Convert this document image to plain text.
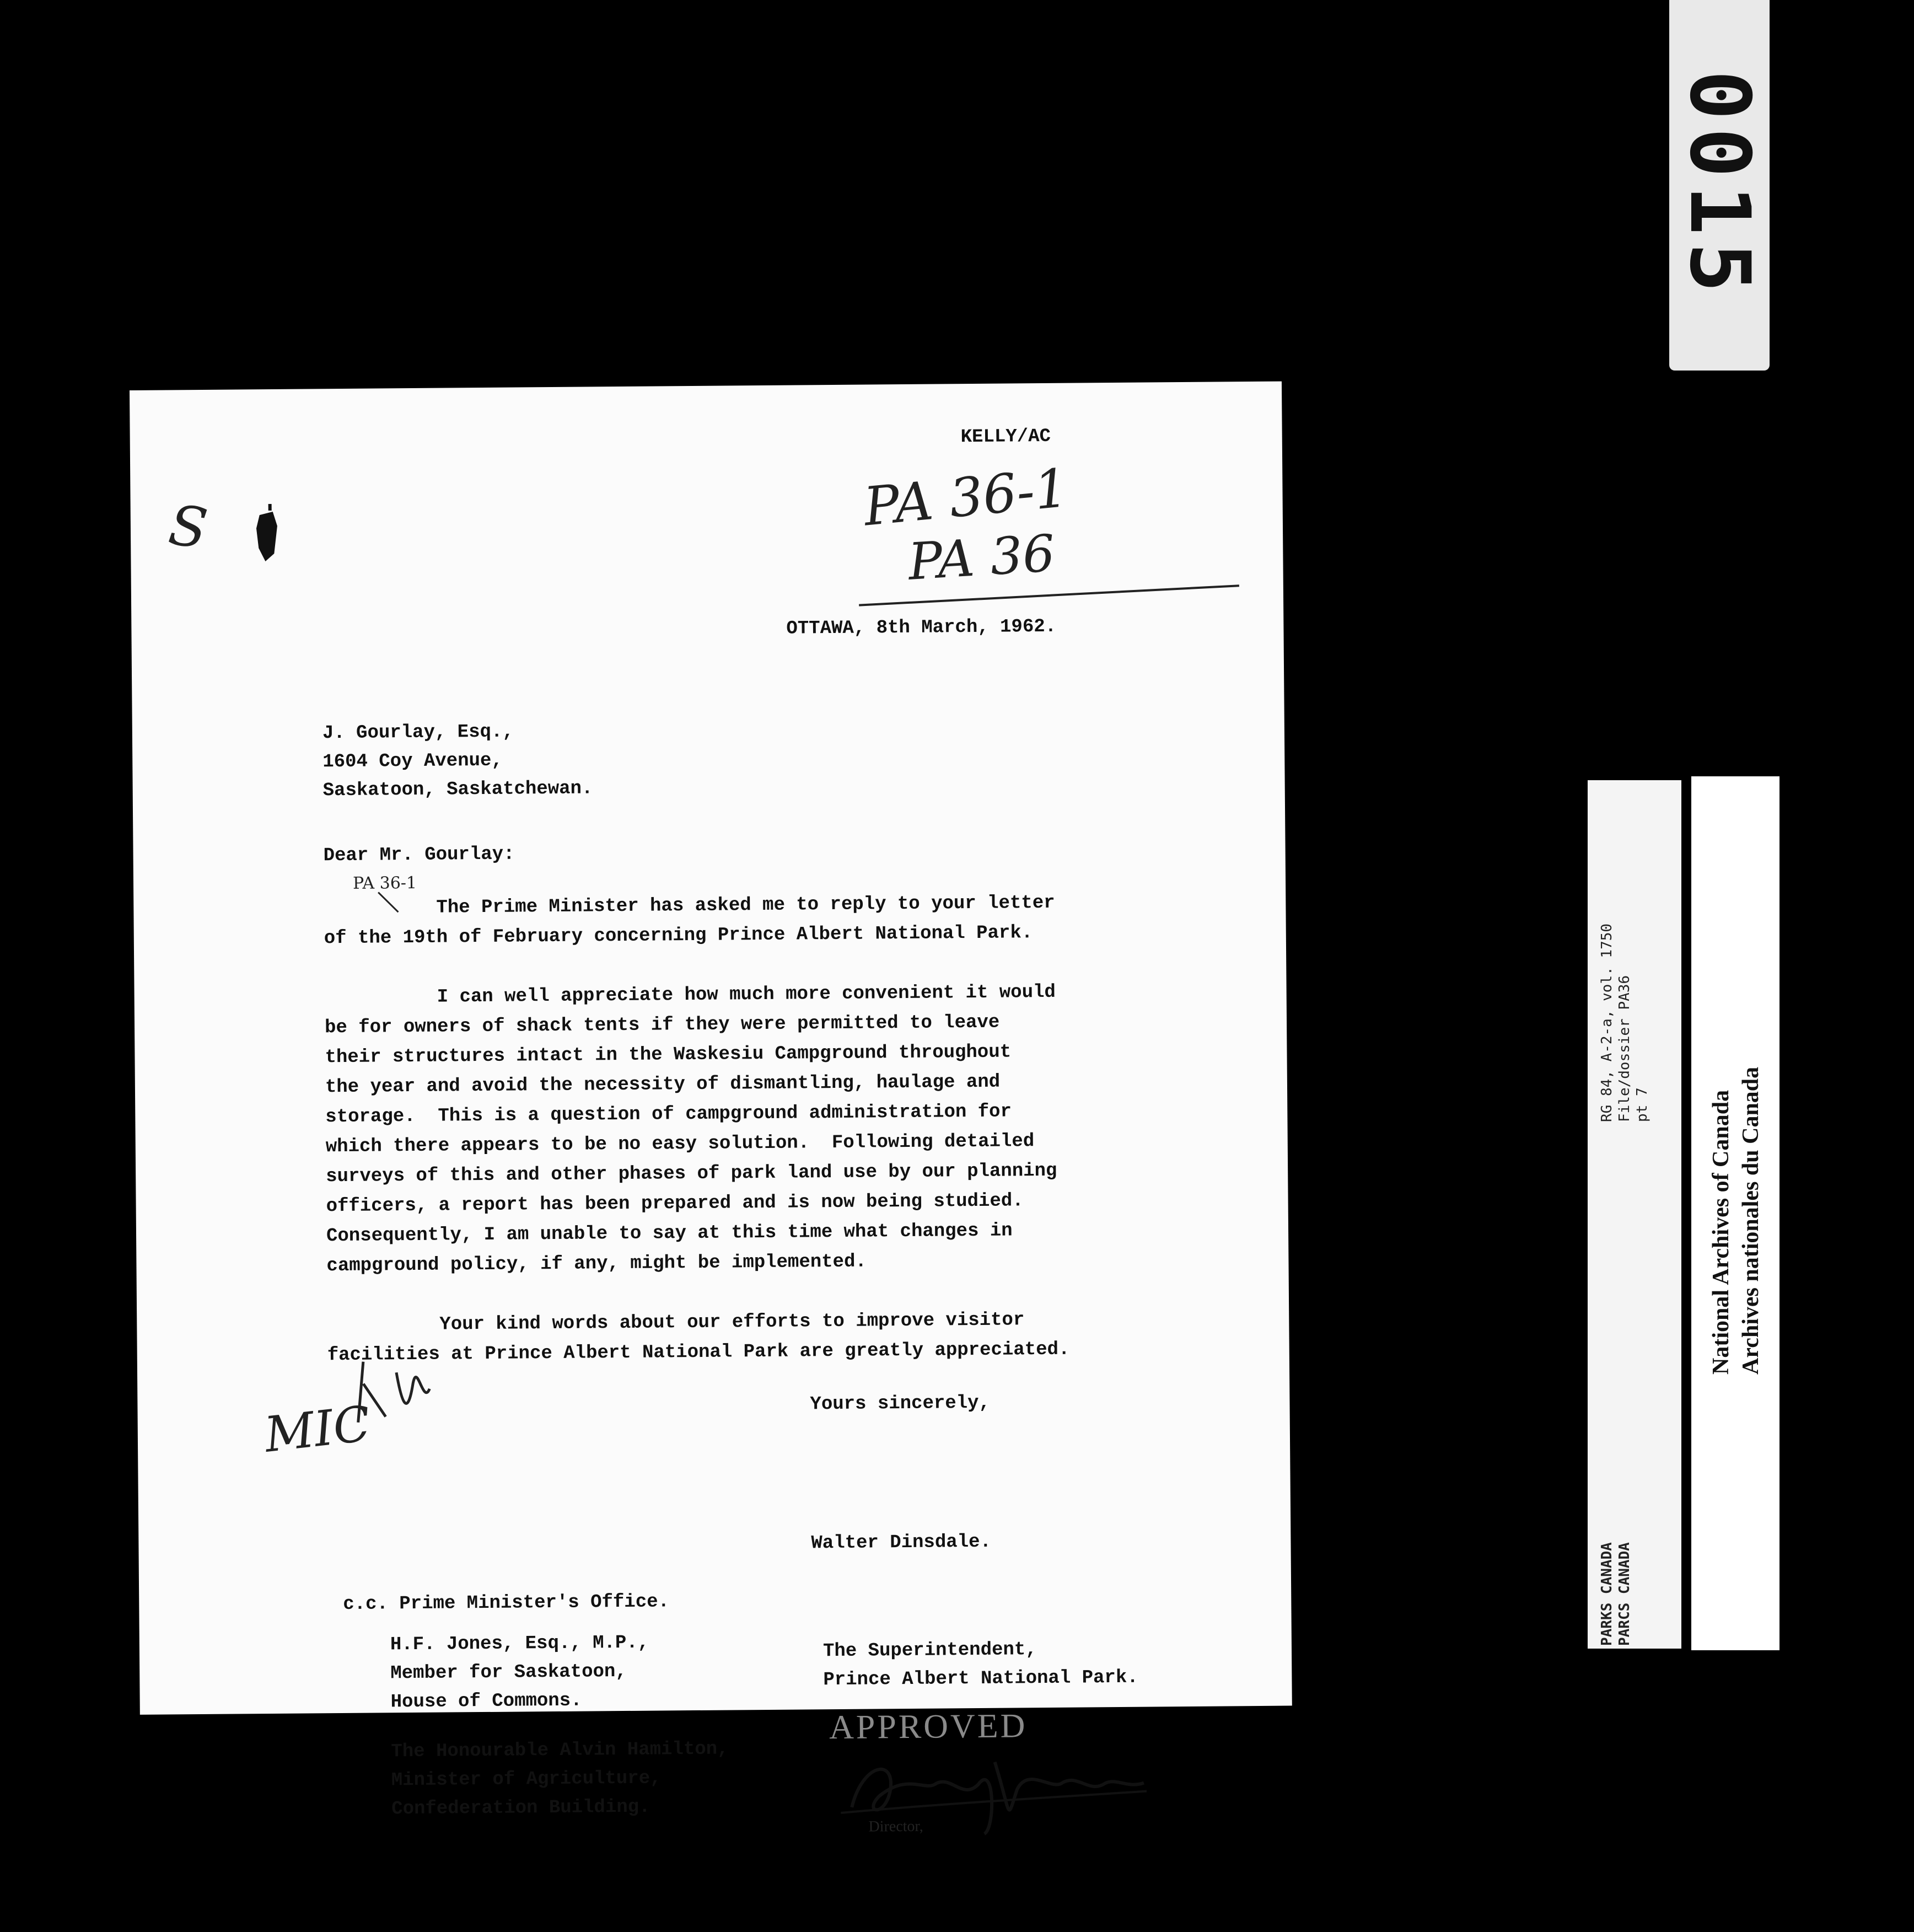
KELLY/AC
PA 36-1
PA 36
S
OTTAWA, 8th March, 1962.
J. Gourlay, Esq.,
1604 Coy Avenue,
Saskatoon, Saskatchewan.
Dear Mr. Gourlay:
PA 36-1
The Prime Minister has asked me to reply to your letter
of the 19th of February concerning Prince Albert National Park.
I can well appreciate how much more convenient it would
be for owners of shack tents if they were permitted to leave
their structures intact in the Waskesiu Campground throughout
the year and avoid the necessity of dismantling, haulage and
storage.  This is a question of campground administration for
which there appears to be no easy solution.  Following detailed
surveys of this and other phases of park land use by our planning
officers, a report has been prepared and is now being studied.
Consequently, I am unable to say at this time what changes in
campground policy, if any, might be implemented.
Your kind words about our efforts to improve visitor
facilities at Prince Albert National Park are greatly appreciated.
Yours sincerely,
MIC
Walter Dinsdale.
c.c. Prime Minister's Office.
H.F. Jones, Esq., M.P.,
Member for Saskatoon,
House of Commons.
The Honourable Alvin Hamilton,
Minister of Agriculture,
Confederation Building.
The Superintendent,
Prince Albert National Park.
APPROVED
Director,
0015
RG 84, A-2-a, vol. 1750 File/dossier PA36 pt 7
PARKS CANADA PARCS CANADA
National Archives of Canada Archives nationales du Canada
